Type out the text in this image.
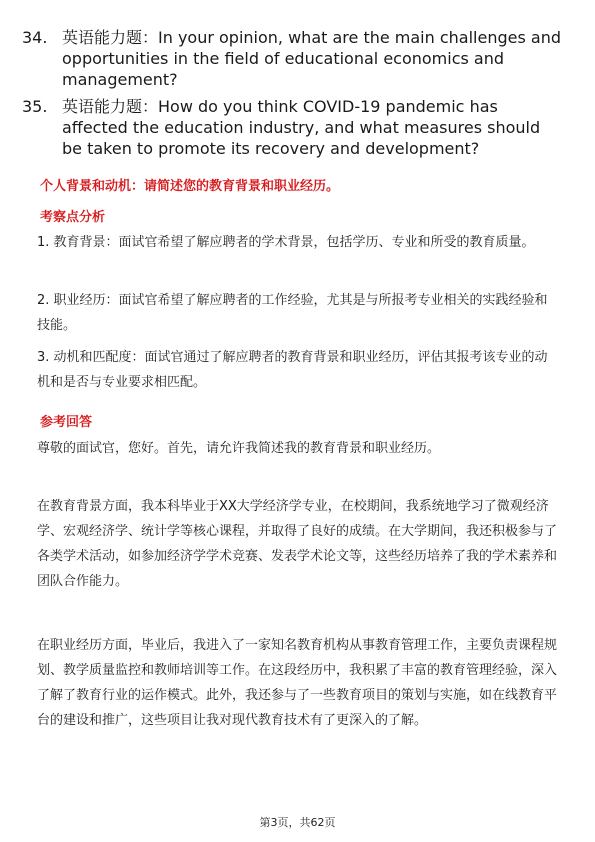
34. 英语能力题：In your opinion, what are the main challenges and opportunities in the field of educational economics and management?
35. 英语能力题：How do you think COVID-19 pandemic has affected the education industry, and what measures should be taken to promote its recovery and development?
个人背景和动机：请简述您的教育背景和职业经历。
考察点分析

1. 教育背景：面试官希望了解应聘者的学术背景，包括学历、专业和所受的教育质量。

2. 职业经历：面试官希望了解应聘者的工作经验，尤其是与所报考专业相关的实践经验和技能。

3. 动机和匹配度：面试官通过了解应聘者的教育背景和职业经历，评估其报考该专业的动机和是否与专业要求相匹配。

参考回答

尊敬的面试官，您好。首先，请允许我简述我的教育背景和职业经历。

在教育背景方面，我本科毕业于XX大学经济学专业，在校期间，我系统地学习了微观经济学、宏观经济学、统计学等核心课程，并取得了良好的成绩。在大学期间，我还积极参与了各类学术活动，如参加经济学学术竞赛、发表学术论文等，这些经历培养了我的学术素养和团队合作能力。

在职业经历方面，毕业后，我进入了一家知名教育机构从事教育管理工作，主要负责课程规划、教学质量监控和教师培训等工作。在这段经历中，我积累了丰富的教育管理经验，深入了解了教育行业的运作模式。此外，我还参与了一些教育项目的策划与实施，如在线教育平台的建设和推广，这些项目让我对现代教育技术有了更深入的了解。

第3页，共62页
